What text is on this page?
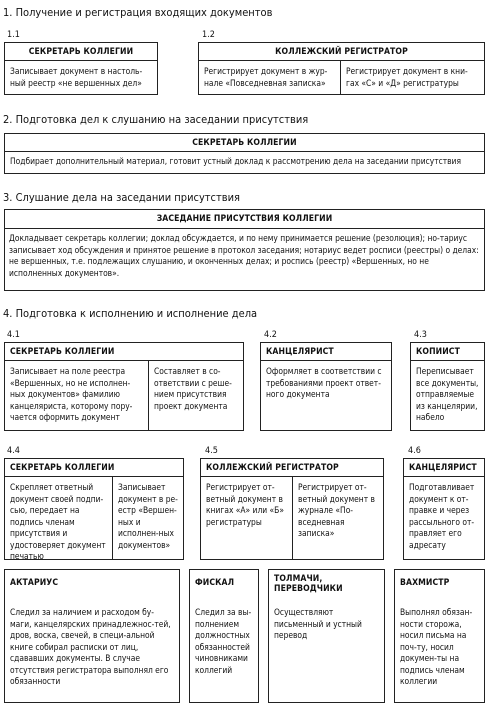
1. Получение и регистрация входящих документов
1.1
СЕКРЕТАРЬ КОЛЛЕГИИ
Записывает документ в настоль-ный реестр «не вершенных дел»
1.2
КОЛЛЕЖСКИЙ РЕГИСТРАТОР
Регистрирует документ в жур-нале «Повседневная записка»
Регистрирует документ в кни-гах «С» и «Д» регистратуры
2. Подготовка дел к слушанию на заседании присутствия
СЕКРЕТАРЬ КОЛЛЕГИИ
Подбирает дополнительный материал, готовит устный доклад к рассмотрению дела на заседании присутствия
3. Слушание дела на заседании присутствия
ЗАСЕДАНИЕ ПРИСУТСТВИЯ КОЛЛЕГИИ
Докладывает секретарь коллегии; доклад обсуждается, и по нему принимается решение (резолюция); но-тариус записывает ход обсуждения и принятое решение в протокол заседания; нотариус ведет росписи (реестры) о делах: не вершенных, т.е. подлежащих слушанию, и оконченных делах; и роспись (реестр) «Вершенных, но не исполненных документов».
4. Подготовка к исполнению и исполнение дела
4.1
СЕКРЕТАРЬ КОЛЛЕГИИ
Записывает на поле реестра «Вершенных, но не исполнен-ных документов» фамилию канцеляриста, которому пору-чается оформить документ
Составляет в со-ответствии с реше-нием присутствия проект документа
4.2
КАНЦЕЛЯРИСТ
Оформляет в соответствии с требованиями проект ответ-ного документа
4.3
КОПИИСТ
Переписывает все документы, отправляемые из канцелярии, набело
4.4
СЕКРЕТАРЬ КОЛЛЕГИИ
Скрепляет ответный документ своей подпи-сью, передает на подпись членам присутствия и удостоверяет документ печатью
Записывает документ в ре-естр «Вершен-ных и исполнен-ных документов»
4.5
КОЛЛЕЖСКИЙ РЕГИСТРАТОР
Регистрирует от-ветный документ в книгах «А» или «Б» регистратуры
Регистрирует от-ветный документ в журнале «По-вседневная записка»
4.6
КАНЦЕЛЯРИСТ
Подготавливает документ к от-правке и через рассыльного от-правляет его адресату
АКТАРИУС
Следил за наличием и расходом бу-маги, канцелярских принадлежнос-тей, дров, воска, свечей, в специ-альной книге собирал расписки от лиц, сдававших документы. В случае отсутствия регистратора выполнял его обязанности
ФИСКАЛ
Следил за вы-полнением должностных обязанностей чиновниками коллегий
ТОЛМАЧИ, ПЕРЕВОДЧИКИ
Осуществляют письменный и устный перевод
ВАХМИСТР
Выполнял обязан-ности сторожа, носил письма на поч-ту, носил докумен-ты на подпись членам коллегии
